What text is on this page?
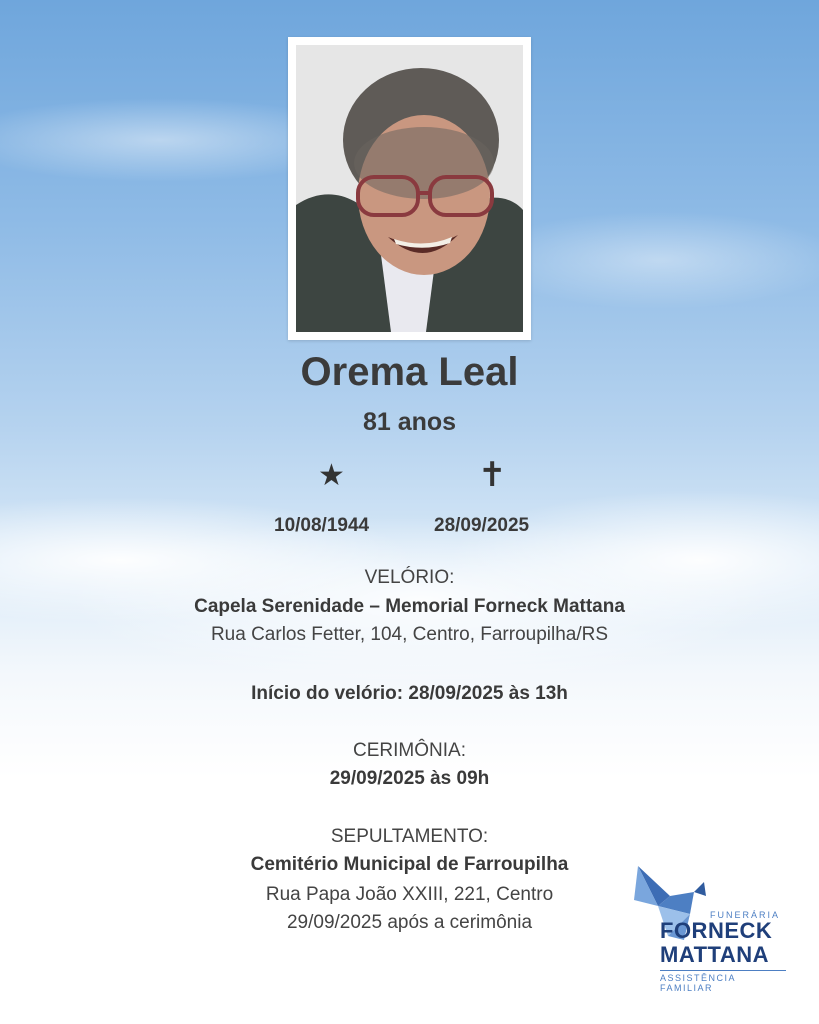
Orema Leal
81 anos
★	✝
10/08/1944	28/09/2025
VELÓRIO:
Capela Serenidade – Memorial Forneck Mattana
Rua Carlos Fetter, 104, Centro, Farroupilha/RS
Início do velório: 28/09/2025 às 13h
CERIMÔNIA:
29/09/2025 às 09h
SEPULTAMENTO:
Cemitério Municipal de Farroupilha
Rua Papa João XXIII, 221, Centro
29/09/2025 após a cerimônia	FUNERÁRIA
FORNECK
MATTANA
ASSISTÊNCIA FAMILIAR
